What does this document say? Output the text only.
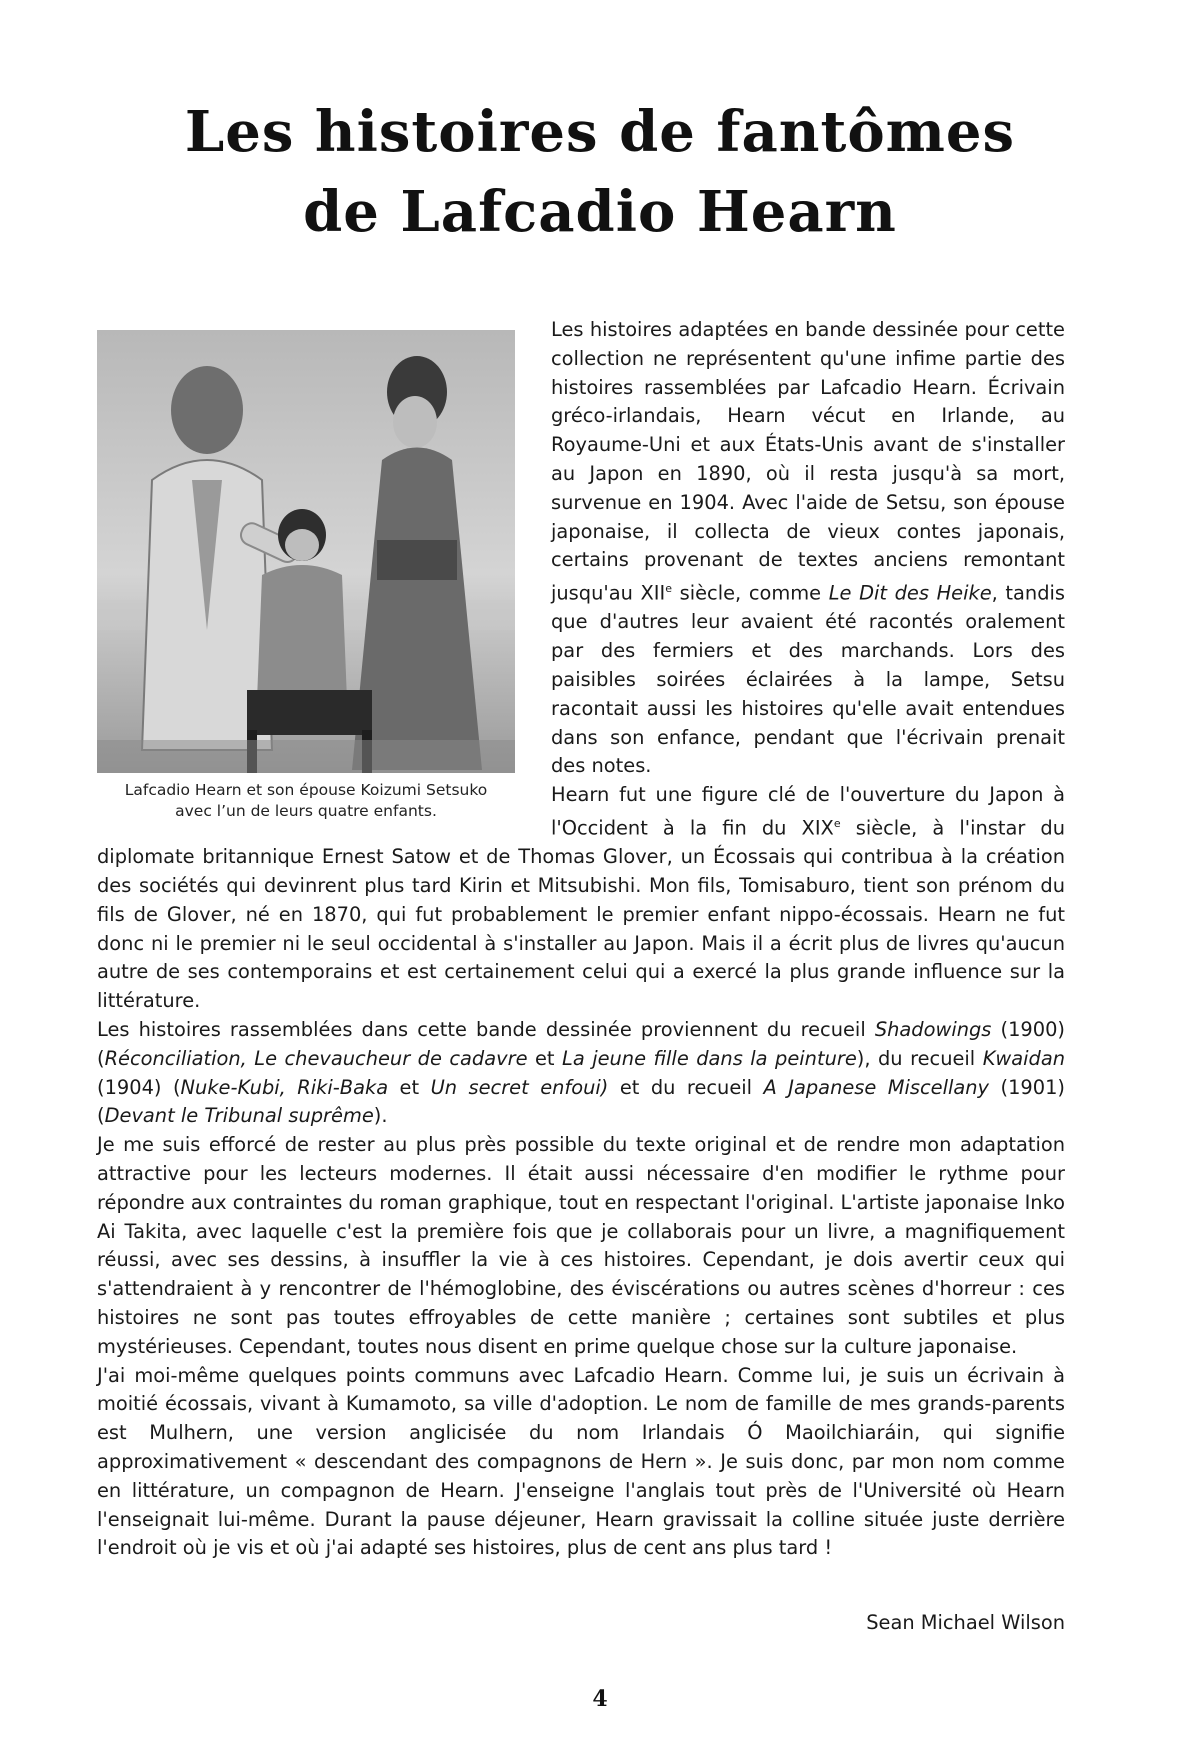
Les histoires de fantômes
de Lafcadio Hearn
Lafcadio Hearn et son épouse Koizumi Setsuko
avec l’un de leurs quatre enfants.

Les histoires adaptées en bande dessinée pour cette collection ne représentent qu'une infime partie des histoires rassemblées par Lafcadio Hearn. Écrivain gréco-irlandais, Hearn vécut en Irlande, au Royaume-Uni et aux États-Unis avant de s'installer au Japon en 1890, où il resta jusqu'à sa mort, survenue en 1904. Avec l'aide de Setsu, son épouse japonaise, il collecta de vieux contes japonais, certains provenant de textes anciens remontant jusqu'au XIIe siècle, comme Le Dit des Heike, tandis que d'autres leur avaient été racontés oralement par des fermiers et des marchands. Lors des paisibles soirées éclairées à la lampe, Setsu racontait aussi les histoires qu'elle avait entendues dans son enfance, pendant que l'écrivain prenait des notes.

Hearn fut une figure clé de l'ouverture du Japon à l'Occident à la fin du XIXe siècle, à l'instar du diplomate britannique Ernest Satow et de Thomas Glover, un Écossais qui contribua à la création des sociétés qui devinrent plus tard Kirin et Mitsubishi. Mon fils, Tomisaburo, tient son prénom du fils de Glover, né en 1870, qui fut probablement le premier enfant nippo-écossais. Hearn ne fut donc ni le premier ni le seul occidental à s'installer au Japon. Mais il a écrit plus de livres qu'aucun autre de ses contemporains et est certainement celui qui a exercé la plus grande influence sur la littérature.

Les histoires rassemblées dans cette bande dessinée proviennent du recueil Shadowings (1900) (Réconciliation, Le chevaucheur de cadavre et La jeune fille dans la peinture), du recueil Kwaidan (1904) (Nuke-Kubi, Riki-Baka et Un secret enfoui) et du recueil A Japanese Miscellany (1901) (Devant le Tribunal suprême).

Je me suis efforcé de rester au plus près possible du texte original et de rendre mon adaptation attractive pour les lecteurs modernes. Il était aussi nécessaire d'en modifier le rythme pour répondre aux contraintes du roman graphique, tout en respectant l'original. L'artiste japonaise Inko Ai Takita, avec laquelle c'est la première fois que je collaborais pour un livre, a magnifiquement réussi, avec ses dessins, à insuffler la vie à ces histoires. Cependant, je dois avertir ceux qui s'attendraient à y rencontrer de l'hémoglobine, des éviscérations ou autres scènes d'horreur : ces histoires ne sont pas toutes effroyables de cette manière ; certaines sont subtiles et plus mystérieuses. Cependant, toutes nous disent en prime quelque chose sur la culture japonaise.

J'ai moi-même quelques points communs avec Lafcadio Hearn. Comme lui, je suis un écrivain à moitié écossais, vivant à Kumamoto, sa ville d'adoption. Le nom de famille de mes grands-parents est Mulhern, une version anglicisée du nom Irlandais Ó Maoilchiaráin, qui signifie approximativement « descendant des compagnons de Hern ». Je suis donc, par mon nom comme en littérature, un compagnon de Hearn. J'enseigne l'anglais tout près de l'Université où Hearn l'enseignait lui-même. Durant la pause déjeuner, Hearn gravissait la colline située juste derrière l'endroit où je vis et où j'ai adapté ses histoires, plus de cent ans plus tard !

Sean Michael Wilson
4
